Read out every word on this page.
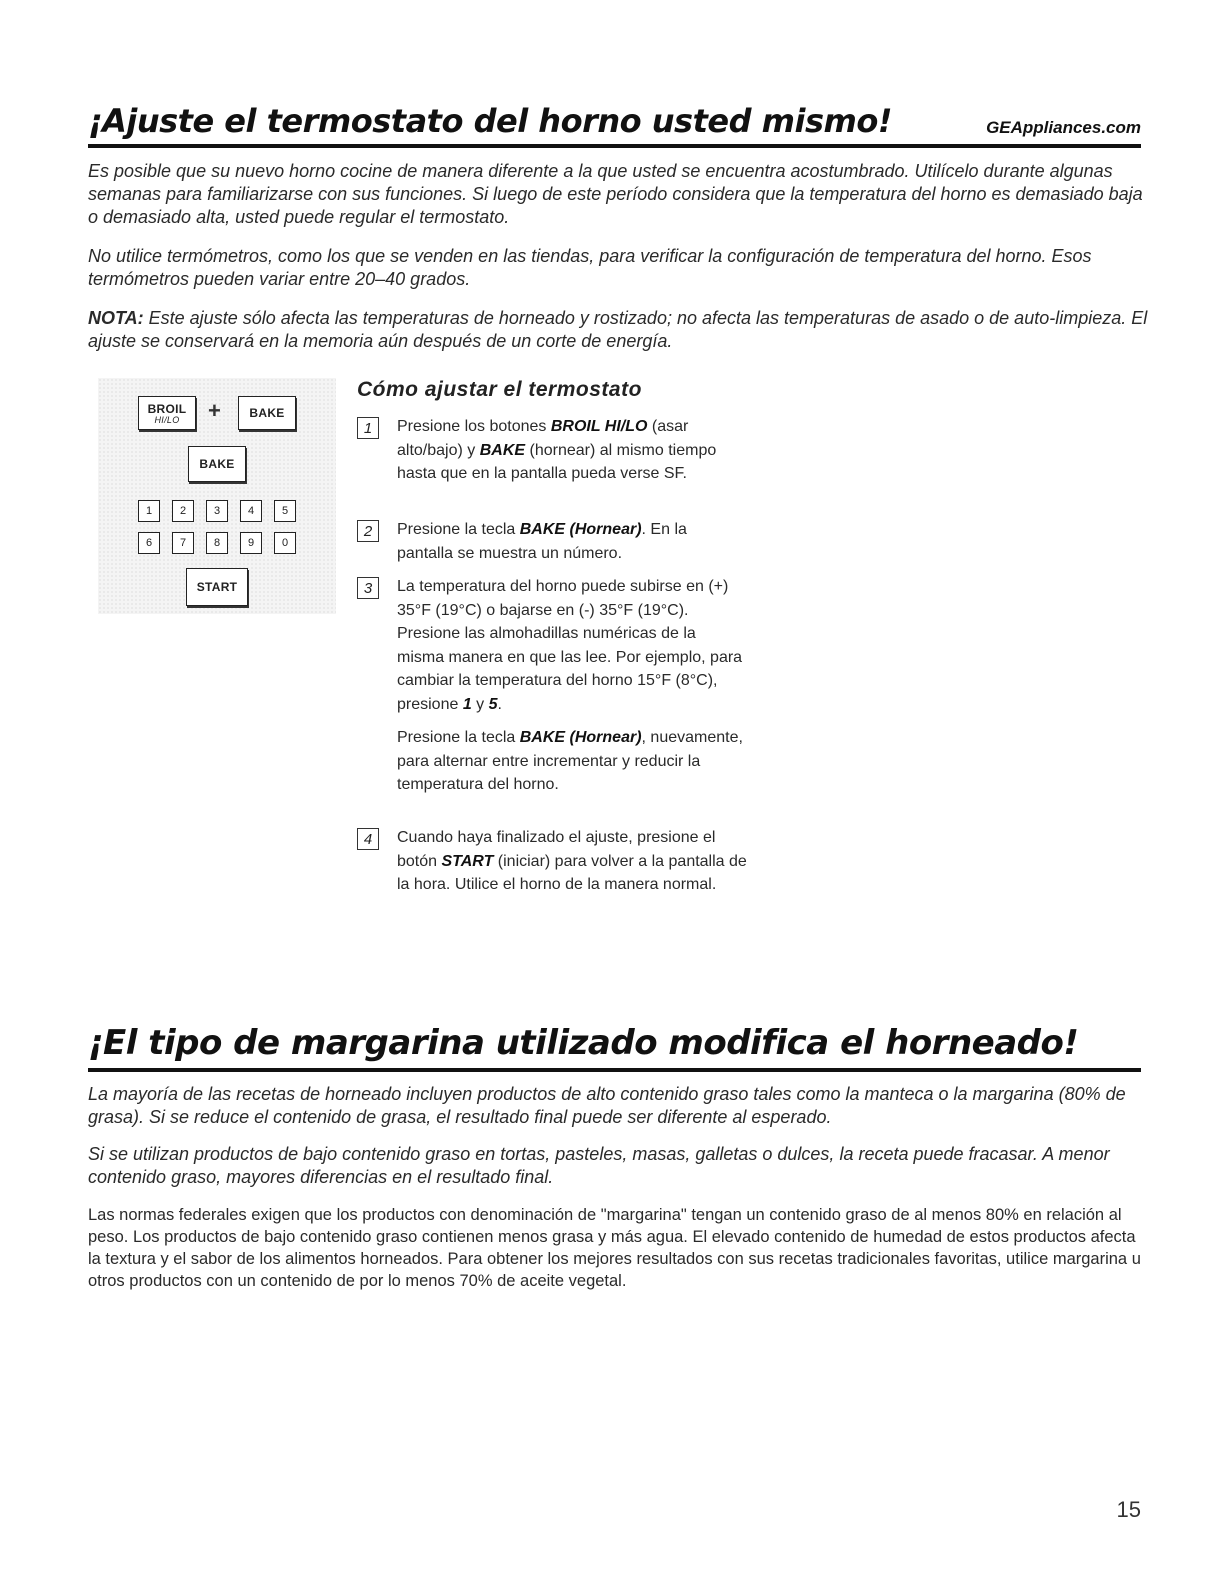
¡Ajuste el termostato del horno usted mismo!	GEAppliances.com

Es posible que su nuevo horno cocine de manera diferente a la que usted se encuentra acostumbrado. Utilícelo durante algunas semanas para familiarizarse con sus funciones. Si luego de este período considera que la temperatura del horno es demasiado baja o demasiado alta, usted puede regular el termostato.

No utilice termómetros, como los que se venden en las tiendas, para verificar la configuración de temperatura del horno. Esos termómetros pueden variar entre 20–40 grados.

NOTA: Este ajuste sólo afecta las temperaturas de horneado y rostizado; no afecta las temperaturas de asado o de auto-limpieza. El ajuste se conservará en la memoria aún después de un corte de energía.

BROIL
HI/LO + BAKE
BAKE
1	2	3	4	5
6	7	8	9	0
START
Cómo ajustar el termostato
1	Presione los botones BROIL HI/LO (asar alto/bajo) y BAKE (hornear) al mismo tiempo hasta que en la pantalla pueda verse SF.

2	Presione la tecla BAKE (Hornear). En la pantalla se muestra un número.

3	La temperatura del horno puede subirse en (+) 35°F (19°C) o bajarse en (-) 35°F (19°C). Presione las almohadillas numéricas de la misma manera en que las lee. Por ejemplo, para cambiar la temperatura del horno 15°F (8°C), presione 1 y 5.

Presione la tecla BAKE (Hornear), nuevamente, para alternar entre incrementar y reducir la temperatura del horno.

4	Cuando haya finalizado el ajuste, presione el botón START (iniciar) para volver a la pantalla de la hora. Utilice el horno de la manera normal.

¡El tipo de margarina utilizado modifica el horneado!

La mayoría de las recetas de horneado incluyen productos de alto contenido graso tales como la manteca o la margarina (80% de grasa). Si se reduce el contenido de grasa, el resultado final puede ser diferente al esperado.

Si se utilizan productos de bajo contenido graso en tortas, pasteles, masas, galletas o dulces, la receta puede fracasar. A menor contenido graso, mayores diferencias en el resultado final.

Las normas federales exigen que los productos con denominación de "margarina" tengan un contenido graso de al menos 80% en relación al peso. Los productos de bajo contenido graso contienen menos grasa y más agua. El elevado contenido de humedad de estos productos afecta la textura y el sabor de los alimentos horneados. Para obtener los mejores resultados con sus recetas tradicionales favoritas, utilice margarina u otros productos con un contenido de por lo menos 70% de aceite vegetal.

15
